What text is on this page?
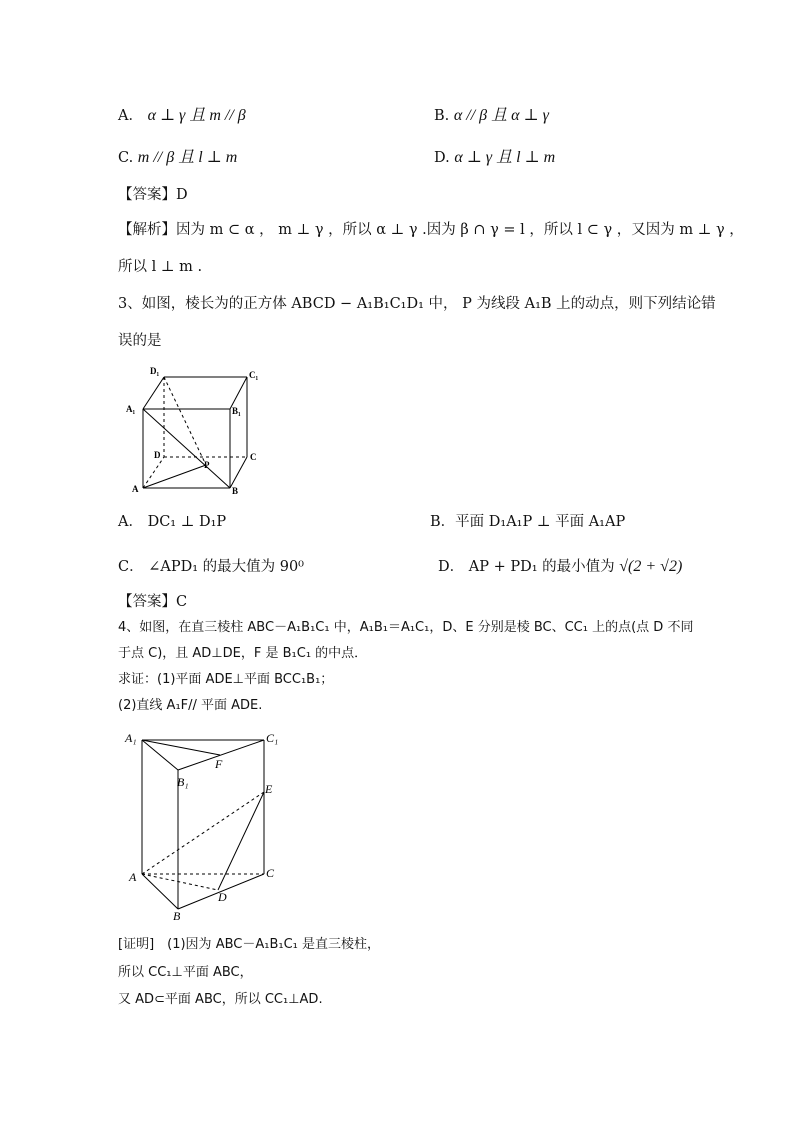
A． α ⊥ γ 且 m // β	B. α // β 且 α ⊥ γ
C. m // β 且 l ⊥ m	D. α ⊥ γ 且 l ⊥ m
【答案】D
【解析】因为 m ⊂ α ， m ⊥ γ ，所以 α ⊥ γ .因为 β ∩ γ = l ，所以 l ⊂ γ ，又因为 m ⊥ γ ，
所以 l ⊥ m .
3、如图，棱长为的正方体 ABCD − A₁B₁C₁D₁ 中， P 为线段 A₁B 上的动点，则下列结论错
误的是
D₁	C₁
A₁	B₁
D	C
P
A	B
A． DC₁ ⊥ D₁P	B．平面 D₁A₁P ⊥ 平面 A₁AP
C． ∠APD₁ 的最大值为 90⁰	D． AP + PD₁ 的最小值为 √(2 + √2)
【答案】C
4、如图，在直三棱柱 ABC－A₁B₁C₁ 中，A₁B₁＝A₁C₁，D、E 分别是棱 BC、CC₁ 上的点(点 D 不同
于点 C)，且 AD⊥DE，F 是 B₁C₁ 的中点．
求证：(1)平面 ADE⊥平面 BCC₁B₁；
(2)直线 A₁F// 平面 ADE.
A₁	C₁
F
B₁	E
A	C
D
B
[证明]　(1)因为 ABC－A₁B₁C₁ 是直三棱柱，
所以 CC₁⊥平面 ABC，
又 AD⊂平面 ABC，所以 CC₁⊥AD.
